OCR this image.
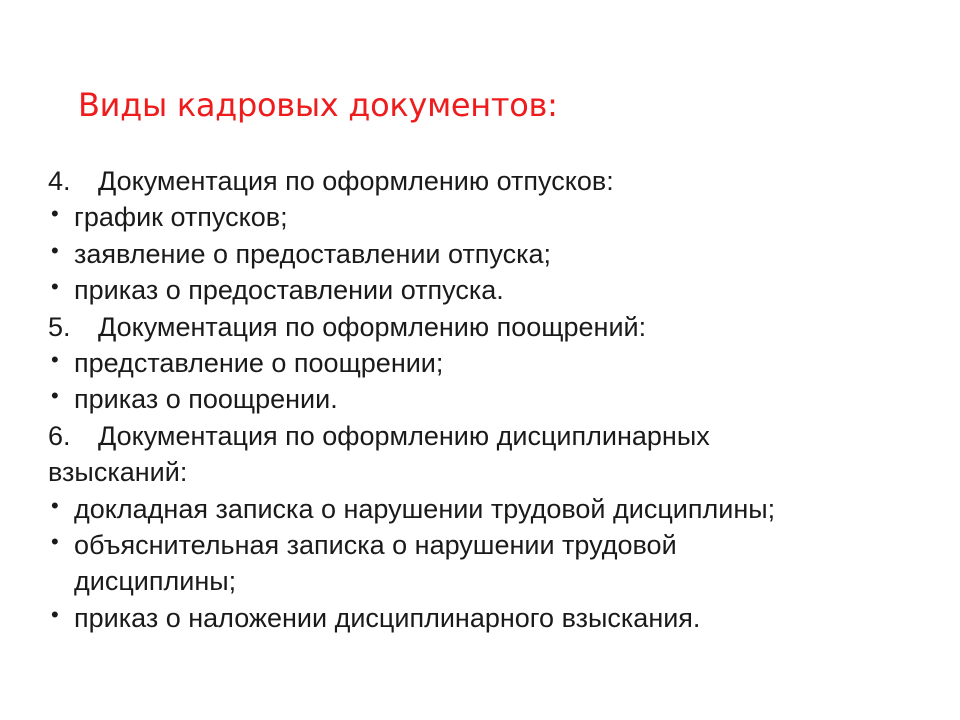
Виды кадровых документов:
4. Документация по оформлению отпусков:
• график отпусков;
• заявление о предоставлении отпуска;
• приказ о предоставлении отпуска.
5. Документация по оформлению поощрений:
• представление о поощрении;
• приказ о поощрении.
6. Документация по оформлению дисциплинарных
взысканий:
• докладная записка о нарушении трудовой дисциплины;
• объяснительная записка о нарушении трудовой
дисциплины;
• приказ о наложении дисциплинарного взыскания.
